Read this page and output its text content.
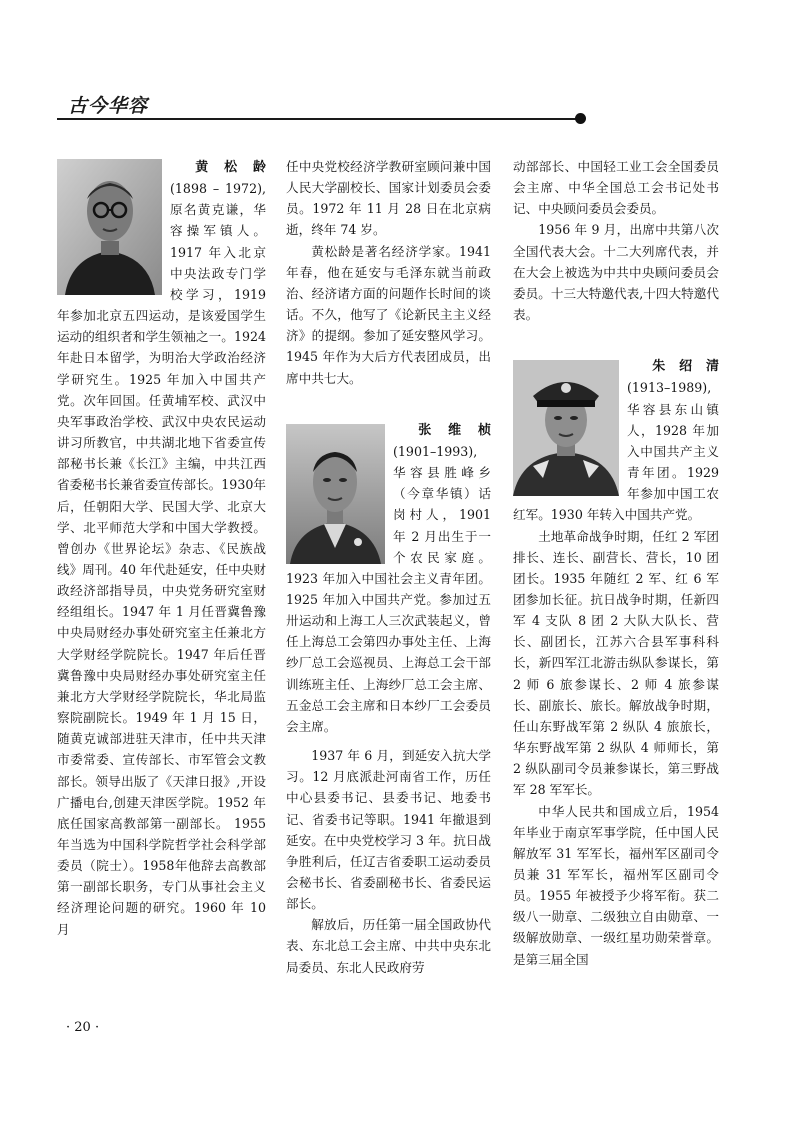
古今华容

黄松龄 (1898 – 1972),原名黄克谦，华容操军镇人。1917 年入北京中央法政专门学校学习，1919 年参加北京五四运动，是该爱国学生运动的组织者和学生领袖之一。1924年赴日本留学，为明治大学政治经济学研究生。1925 年加入中国共产党。次年回国。任黄埔军校、武汉中央军事政治学校、武汉中央农民运动讲习所教官，中共湖北地下省委宣传部秘书长兼《长江》主编，中共江西省委秘书长兼省委宣传部长。1930年后，任朝阳大学、民国大学、北京大学、北平师范大学和中国大学教授。曾创办《世界论坛》杂志、《民族战线》周刊。40 年代赴延安，任中央财政经济部指导员，中央党务研究室财经组组长。1947 年 1 月任晋冀鲁豫中央局财经办事处研究室主任兼北方大学财经学院院长。1947 年后任晋冀鲁豫中央局财经办事处研究室主任兼北方大学财经学院院长，华北局监察院副院长。1949 年 1 月 15 日，随黄克诚部进驻天津市，任中共天津市委常委、宣传部长、市军管会文教部长。领导出版了《天津日报》,开设广播电台,创建天津医学院。1952 年底任国家高教部第一副部长。 1955 年当选为中国科学院哲学社会科学部委员（院士）。1958年他辞去高教部第一副部长职务，专门从事社会主义经济理论问题的研究。1960 年 10 月

任中央党校经济学教研室顾问兼中国人民大学副校长、国家计划委员会委员。1972 年 11 月 28 日在北京病逝，终年 74 岁。

黄松龄是著名经济学家。1941 年春，他在延安与毛泽东就当前政治、经济诸方面的问题作长时间的谈话。不久，他写了《论新民主主义经济》的提纲。参加了延安整风学习。1945 年作为大后方代表团成员，出席中共七大。

张维桢(1901–1993), 华容县胜峰乡（今章华镇）话岗村人，1901 年 2 月出生于一个农民家庭。1923 年加入中国社会主义青年团。1925 年加入中国共产党。参加过五卅运动和上海工人三次武装起义，曾任上海总工会第四办事处主任、上海纱厂总工会巡视员、上海总工会干部训练班主任、上海纱厂总工会主席、五金总工会主席和日本纱厂工会委员会主席。

1937 年 6 月，到延安入抗大学习。12 月底派赴河南省工作，历任中心县委书记、县委书记、地委书记、省委书记等职。1941 年撤退到延安。在中央党校学习 3 年。抗日战争胜利后，任辽吉省委职工运动委员会秘书长、省委副秘书长、省委民运部长。

解放后，历任第一届全国政协代表、东北总工会主席、中共中央东北局委员、东北人民政府劳

动部部长、中国轻工业工会全国委员会主席、中华全国总工会书记处书记、中央顾问委员会委员。

1956 年 9 月，出席中共第八次全国代表大会。十二大列席代表，并在大会上被选为中共中央顾问委员会委员。十三大特邀代表,十四大特邀代表。

朱绍清(1913–1989), 华容县东山镇人，1928 年加入中国共产主义青年团。1929 年参加中国工农红军。1930 年转入中国共产党。

土地革命战争时期，任红 2 军团排长、连长、副营长、营长，10 团团长。1935 年随红 2 军、红 6 军团参加长征。抗日战争时期，任新四军 4 支队 8 团 2 大队大队长、营长、副团长，江苏六合县军事科科长，新四军江北游击纵队参谋长，第 2 师 6 旅参谋长、2 师 4 旅参谋长、副旅长、旅长。解放战争时期，任山东野战军第 2 纵队 4 旅旅长，华东野战军第 2 纵队 4 师师长，第 2 纵队副司令员兼参谋长，第三野战军 28 军军长。

中华人民共和国成立后，1954 年毕业于南京军事学院，任中国人民解放军 31 军军长，福州军区副司令员兼 31 军军长，福州军区副司令员。1955 年被授予少将军衔。获二级八一勋章、二级独立自由勋章、一级解放勋章、一级红星功勋荣誉章。是第三届全国

· 20 ·
